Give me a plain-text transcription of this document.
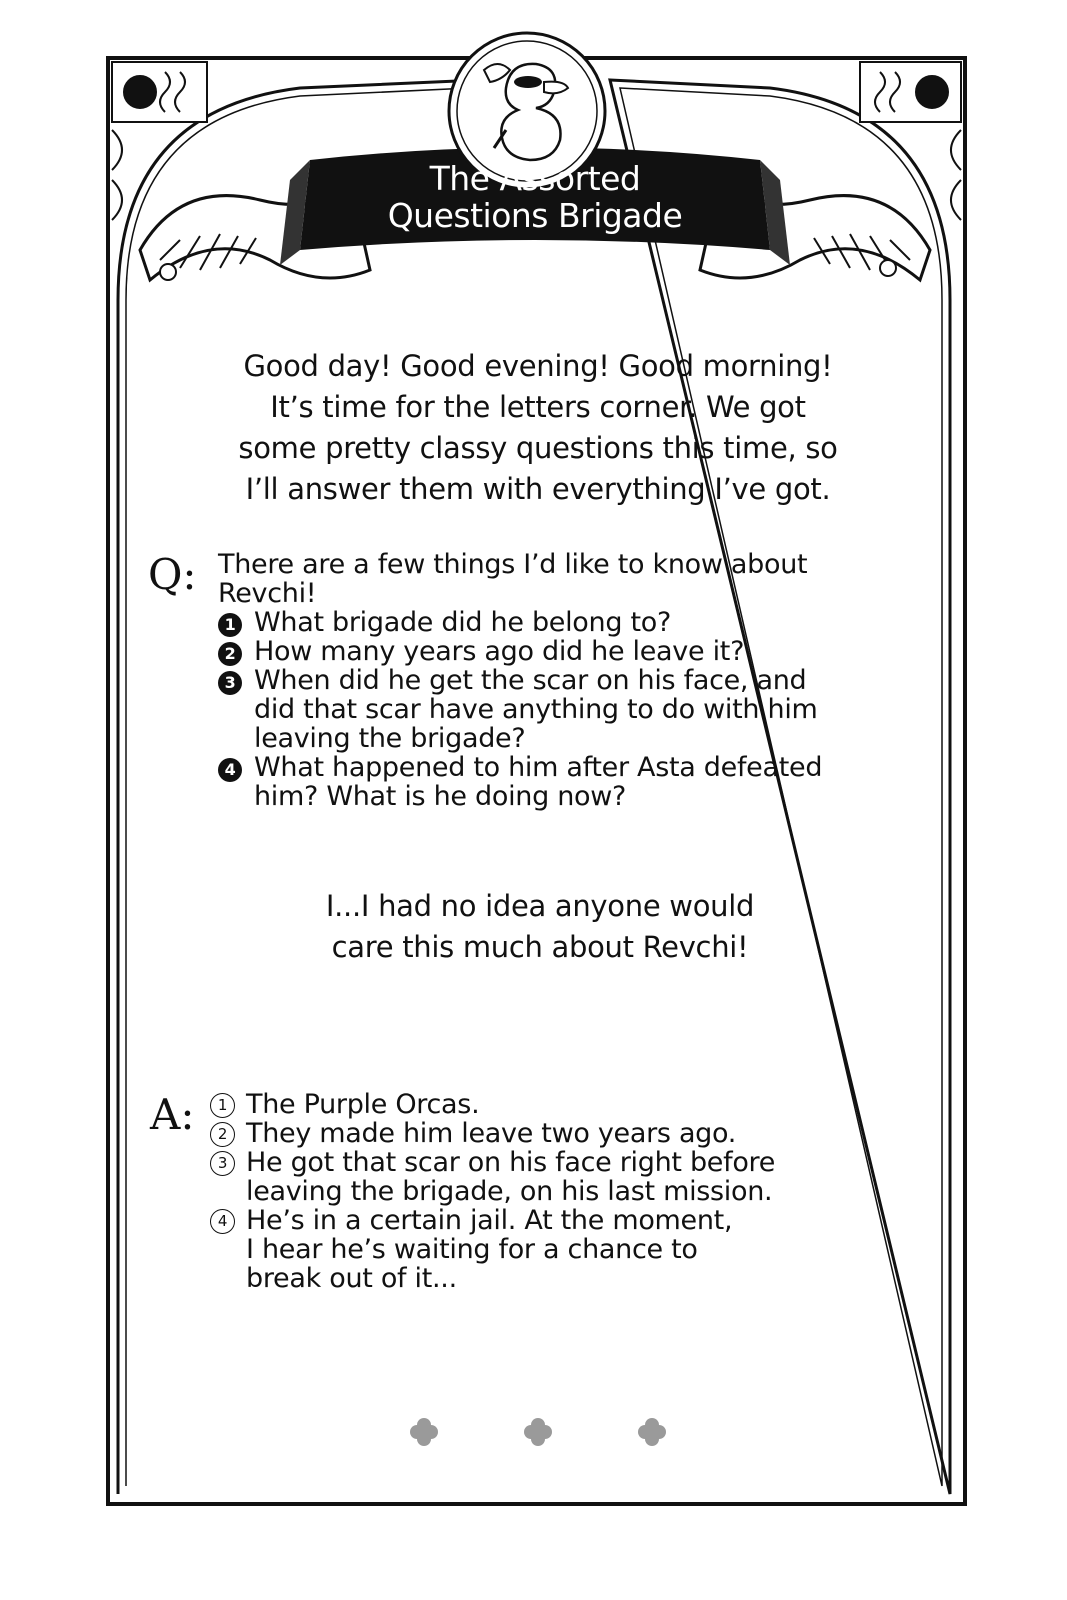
The Assorted
Questions Brigade
Good day! Good evening! Good morning!
It’s time for the letters corner. We got
some pretty classy questions this time, so
I’ll answer them with everything I’ve got.
Q: There are a few things I’d like to know about
Revchi!
1 What brigade did he belong to?
2 How many years ago did he leave it?
3 When did he get the scar on his face, and
did that scar have anything to do with him
leaving the brigade?
4 What happened to him after Asta defeated
him? What is he doing now?
I...I had no idea anyone would
care this much about Revchi!
A:	1 The Purple Orcas.
2 They made him leave two years ago.
3 He got that scar on his face right before
leaving the brigade, on his last mission.
4 He’s in a certain jail. At the moment,
I hear he’s waiting for a chance to
break out of it...
